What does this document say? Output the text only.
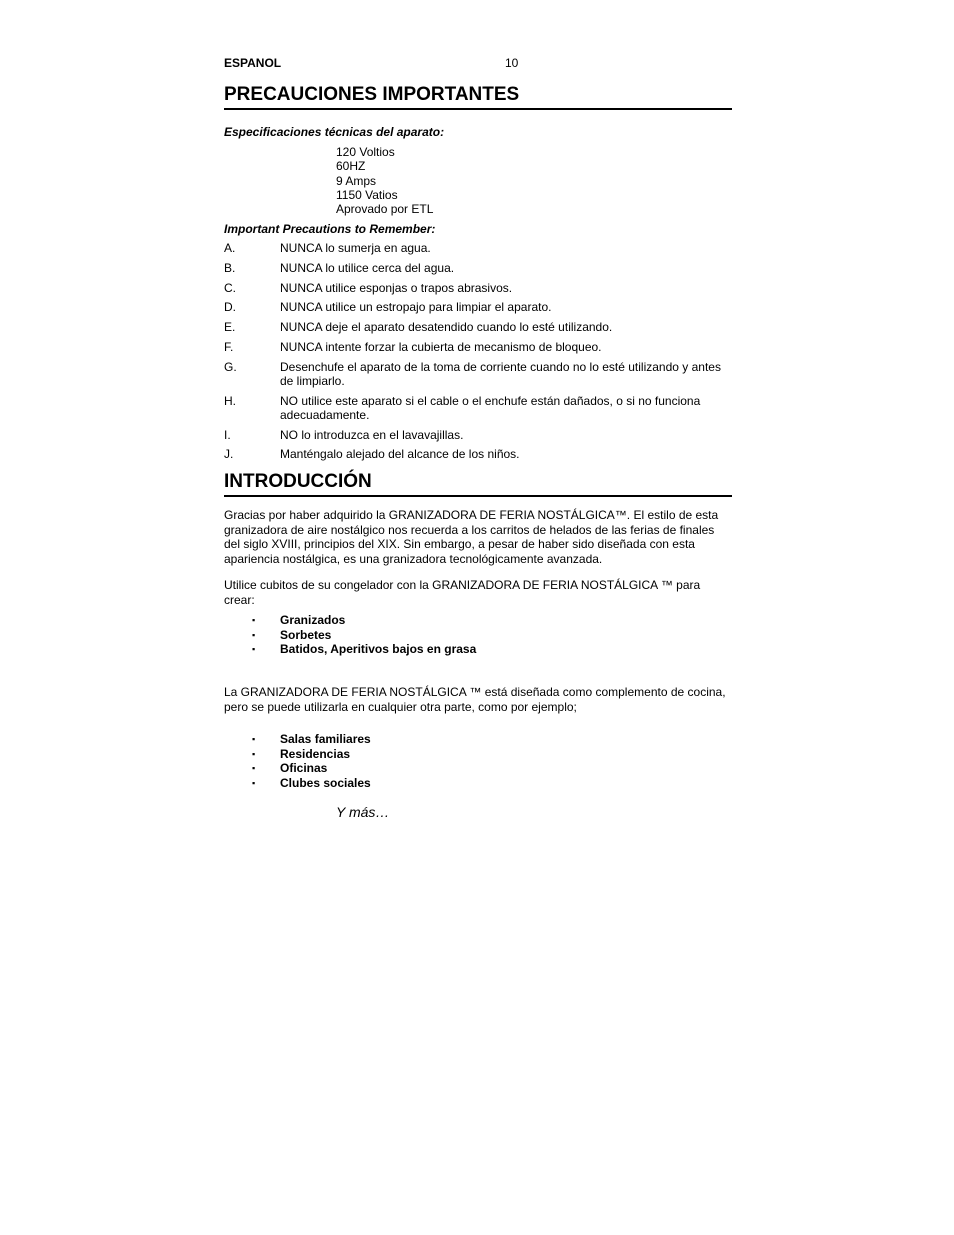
ESPANOL	10
PRECAUCIONES IMPORTANTES
Especificaciones técnicas del aparato:
120 Voltios
60HZ
9 Amps
1150 Vatios
Aprovado por ETL
Important Precautions to Remember:
A.	NUNCA lo sumerja en agua.
B.	NUNCA lo utilice cerca del agua.
C.	NUNCA utilice esponjas o trapos abrasivos.
D.	NUNCA utilice un estropajo para limpiar el aparato.
E.	NUNCA deje el aparato desatendido cuando lo esté utilizando.
F.	NUNCA intente forzar la cubierta de mecanismo de bloqueo.
G.	Desenchufe el aparato de la toma de corriente cuando no lo esté utilizando y antes de limpiarlo.
H.	NO utilice este aparato si el cable o el enchufe están dañados, o si no funciona adecuadamente.
I.	NO lo introduzca en el lavavajillas.
J.	Manténgalo alejado del alcance de los niños.
INTRODUCCIÓN
Gracias por haber adquirido la GRANIZADORA DE FERIA NOSTÁLGICA™. El estilo de esta granizadora de aire nostálgico nos recuerda a los carritos de helados de las ferias de finales del siglo XVIII, principios del XIX. Sin embargo, a pesar de haber sido diseñada con esta apariencia nostálgica, es una granizadora tecnológicamente avanzada.
Utilice cubitos de su congelador con la GRANIZADORA DE FERIA NOSTÁLGICA ™ para crear:
▪ Granizados
▪ Sorbetes
▪ Batidos, Aperitivos bajos en grasa
La GRANIZADORA DE FERIA NOSTÁLGICA ™ está diseñada como complemento de cocina, pero se puede utilizarla en cualquier otra parte, como por ejemplo;
▪ Salas familiares
▪ Residencias
▪ Oficinas
▪ Clubes sociales
Y más…
